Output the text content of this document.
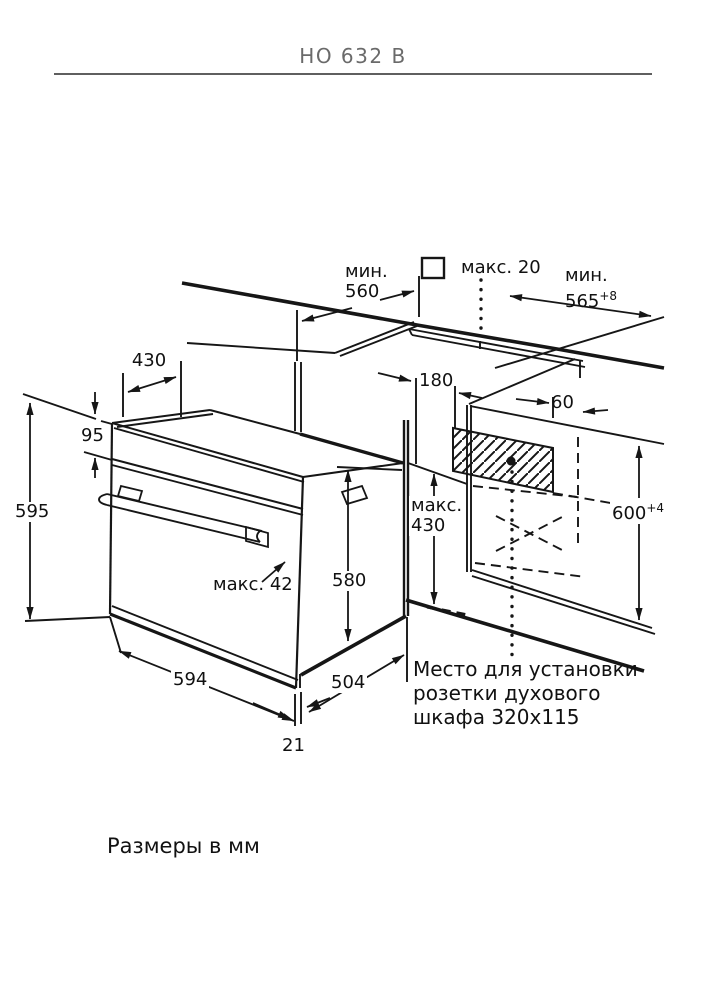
HO 632 B
мин.
560
макс. 20 мин.
$565^{+8}$
430
95
595
180
60
макс.
430
$600^{+4}$
580
макс. 42
594	504
21
Место для установки
розетки духового
шкафа 320x115
Размеры в мм
